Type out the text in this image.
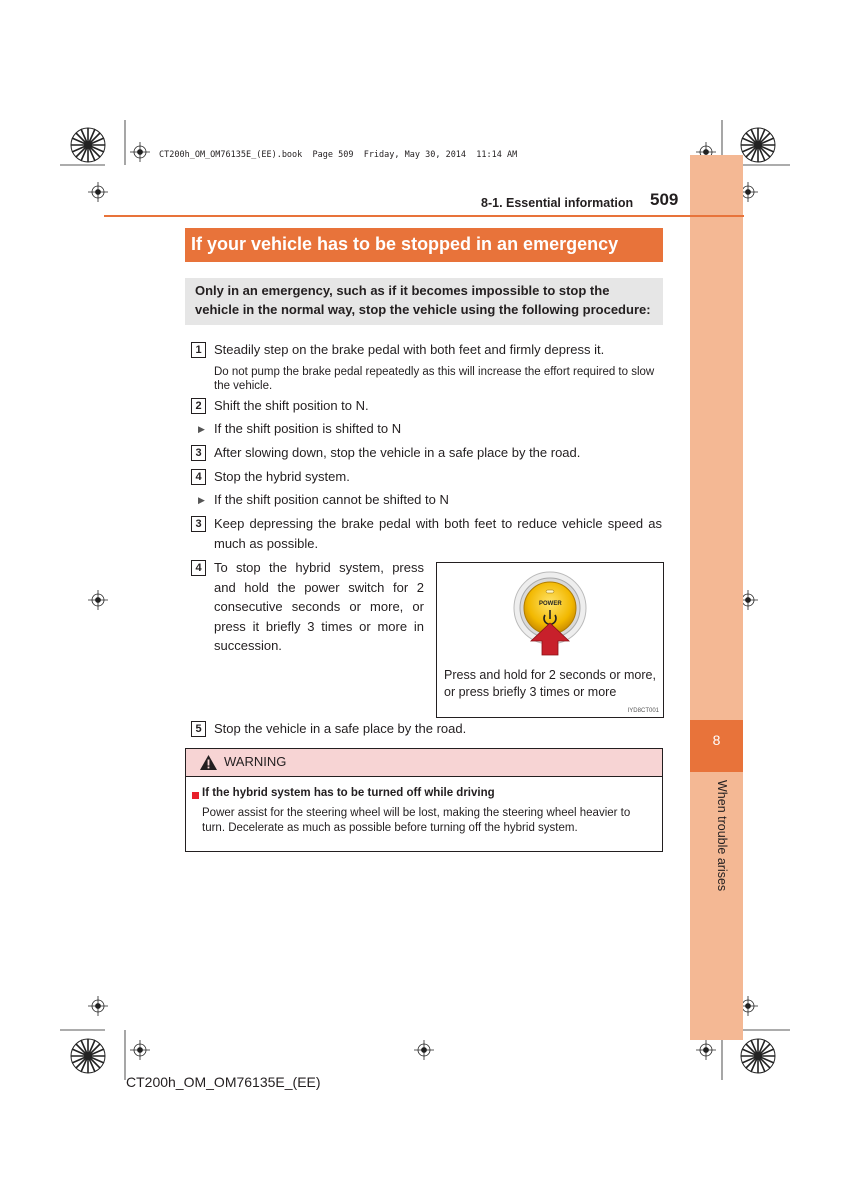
CT200h_OM_OM76135E_(EE).book  Page 509  Friday, May 30, 2014  11:14 AM
8
When trouble arises
8-1. Essential information 509
If your vehicle has to be stopped in an emergency
Only in an emergency, such as if it becomes impossible to stop the vehicle in the normal way, stop the vehicle using the following procedure:
1 Steadily step on the brake pedal with both feet and firmly depress it.
Do not pump the brake pedal repeatedly as this will increase the effort required to slow the vehicle.
2 Shift the shift position to N.
▶ If the shift position is shifted to N
3 After slowing down, stop the vehicle in a safe place by the road.
4 Stop the hybrid system.
▶ If the shift position cannot be shifted to N
3 Keep depressing the brake pedal with both feet to reduce vehicle speed as much as possible.
4 To stop the hybrid system, press and hold the power switch for 2 consecutive seconds or more, or press it briefly 3 times or more in succession.
POWER
Press and hold for 2 seconds or more, or press briefly 3 times or more
IYD8CT001
5 Stop the vehicle in a safe place by the road.
WARNING
If the hybrid system has to be turned off while driving
Power assist for the steering wheel will be lost, making the steering wheel heavier to turn. Decelerate as much as possible before turning off the hybrid system.
CT200h_OM_OM76135E_(EE)
